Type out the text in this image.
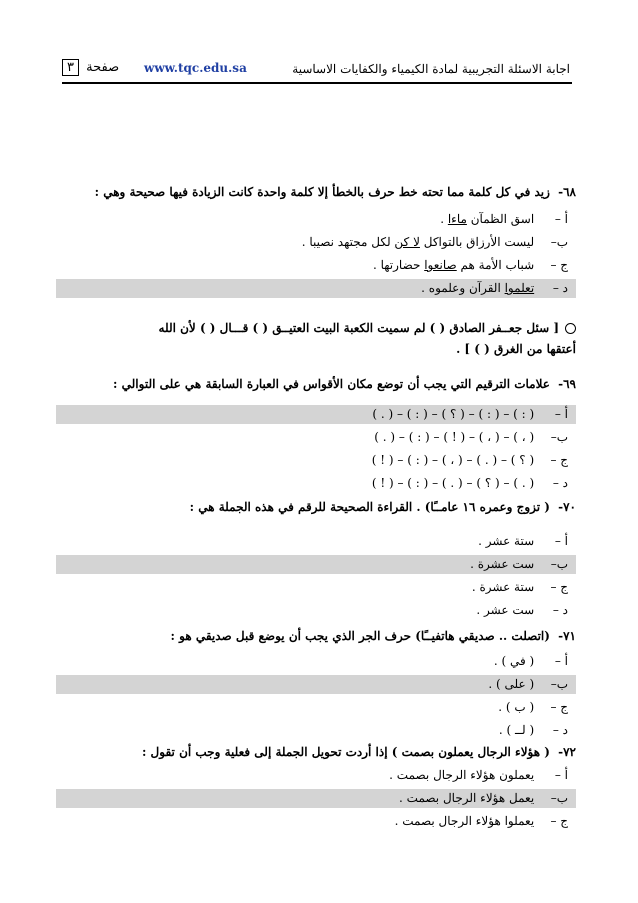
اجابة الاسئلة التجريبية لمادة الكيمياء والكفايات الاساسية
www.tqc.edu.sa
صفحة ٣
٦٨- زيد في كل كلمة مما تحته خط حرف بالخطأ إلا كلمة واحدة كانت الزيادة فيها صحيحة وهي :
أ – اسق الظمآن ماءا .
ب– ليست الأرزاق بالتواكل لا كن لكل مجتهد نصيبا .
ج – شباب الأمة هم صانعوا حضارتها .
د – تعلموا القرآن وعلموه .
[ سئل جعــفر الصادق ( ) لم سميت الكعبة البيت العتيــق ( ) قـــال ( ) لأن الله
أعتقها من الغرق ( ) ] .
٦٩- علامات الترقيم التي يجب أن توضع مكان الأقواس في العبارة السابقة هي على التوالي :
أ – ( : ) – ( : ) – ( ؟ ) – ( : ) – ( . )
ب– ( ، ) – ( ، ) – ( ! ) – ( : ) – ( . )
ج – ( ؟ ) – ( . ) – ( ، ) – ( : ) – ( ! )
د – ( . ) – ( ؟ ) – ( . ) – ( : ) – ( ! )
٧٠- ( تزوج وعمره ١٦ عامــًا) . القراءة الصحيحة للرقم في هذه الجملة هي :
أ – ستة عشر .
ب– ست عشرة .
ج – ستة عشرة .
د – ست عشر .
٧١- (اتصلت .. صديقي هاتفيــًا) حرف الجر الذي يجب أن يوضع قبل صديقي هو :
أ – ( في ) .
ب– ( على ) .
ج – ( ب ) .
د – ( لــ ) .
٧٢- ( هؤلاء الرجال يعملون بصمت ) إذا أردت تحويل الجملة إلى فعلية وجب أن تقول :
أ – يعملون هؤلاء الرجال بصمت .
ب– يعمل هؤلاء الرجال بصمت .
ج – يعملوا هؤلاء الرجال بصمت .
